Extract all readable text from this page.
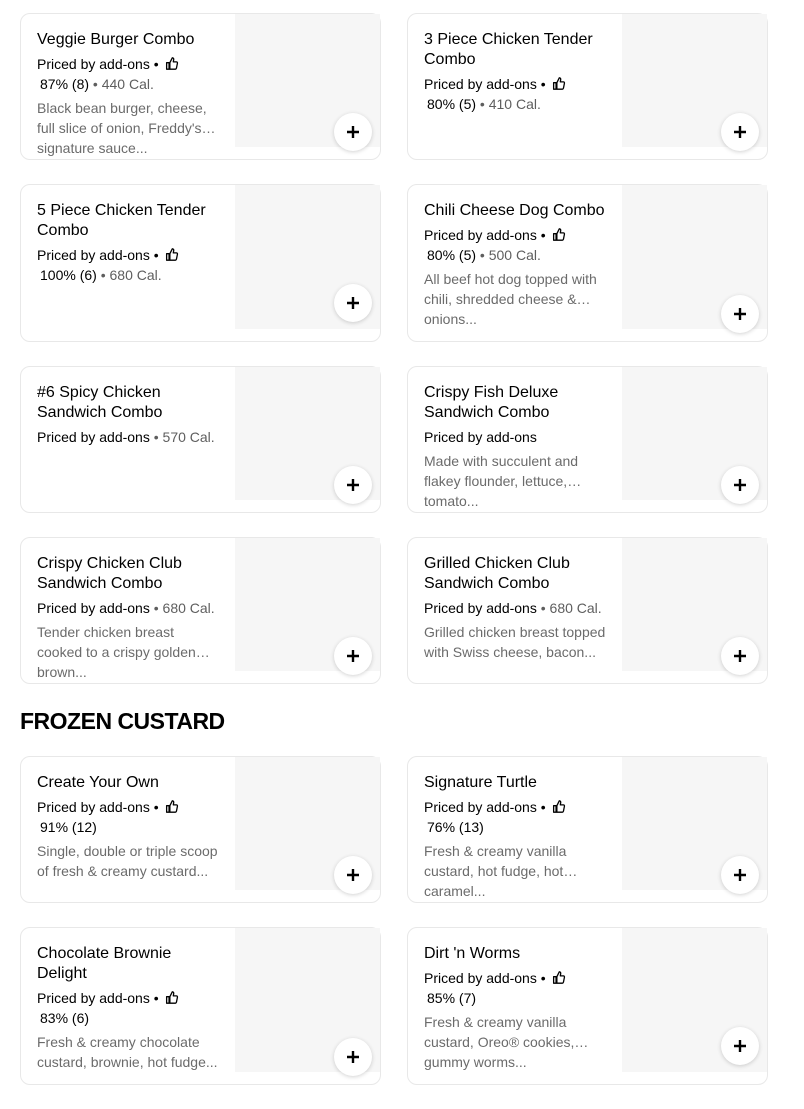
Veggie Burger Combo
Priced by add-ons •
87% (8) • 440 Cal.
Black bean burger, cheese, full slice of onion, Freddy's signature sauce...
3 Piece Chicken Tender Combo
Priced by add-ons •
80% (5) • 410 Cal.
5 Piece Chicken Tender Combo
Priced by add-ons •
100% (6) • 680 Cal.
Chili Cheese Dog Combo
Priced by add-ons •
80% (5) • 500 Cal.
All beef hot dog topped with chili, shredded cheese & onions...
#6 Spicy Chicken Sandwich Combo
Priced by add-ons • 570 Cal.
Crispy Fish Deluxe Sandwich Combo
Priced by add-ons
Made with succulent and flakey flounder, lettuce, tomato...
Crispy Chicken Club Sandwich Combo
Priced by add-ons • 680 Cal.
Tender chicken breast cooked to a crispy golden brown...
Grilled Chicken Club Sandwich Combo
Priced by add-ons • 680 Cal.
Grilled chicken breast topped with Swiss cheese, bacon...
Create Your Own
Priced by add-ons •
91% (12)
Single, double or triple scoop of fresh & creamy custard...
Signature Turtle
Priced by add-ons •
76% (13)
Fresh & creamy vanilla custard, hot fudge, hot caramel...
Chocolate Brownie Delight
Priced by add-ons •
83% (6)
Fresh & creamy chocolate custard, brownie, hot fudge...
Dirt 'n Worms
Priced by add-ons •
85% (7)
Fresh & creamy vanilla custard, Oreo® cookies, gummy worms...
FROZEN CUSTARD
